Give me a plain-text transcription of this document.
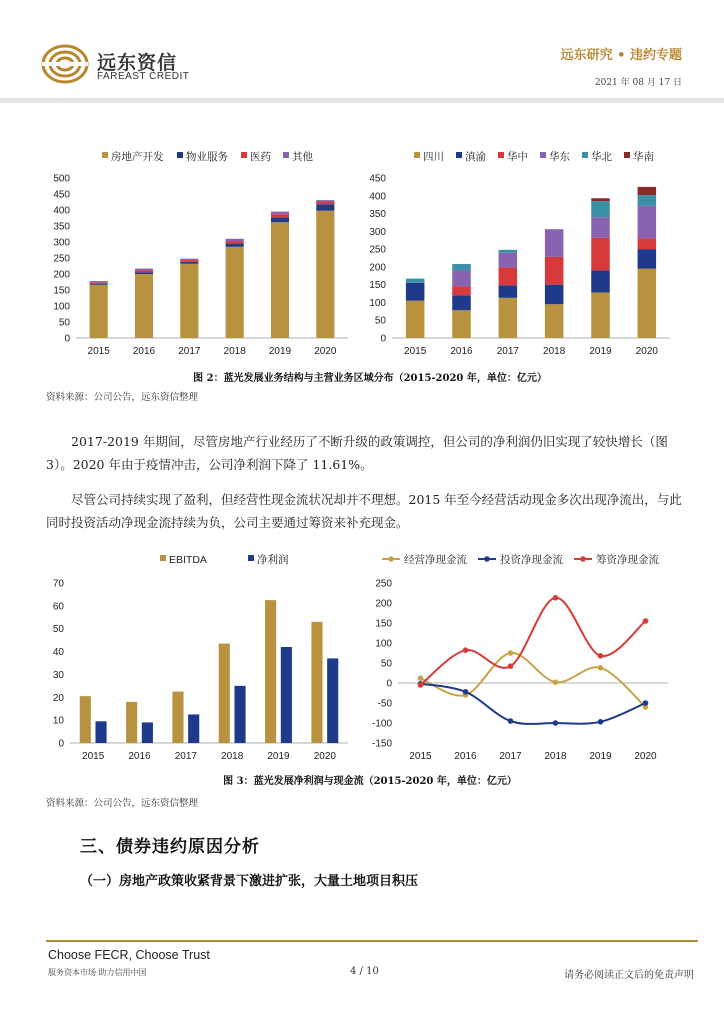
远东资信
FAREAST CREDIT
远东研究 • 违约专题
2021 年 08 月 17 日
房地产开发 物业服务 医药 其他
0
50
100
150
200
250
300
350
400
450
500
2015 2016 2017 2018 2019 2020
四川 滇渝 华中 华东 华北 华南
0
50
100
150
200
250
300
350
400
450
2015 2016 2017 2018 2019 2020
图 2：蓝光发展业务结构与主营业务区域分布（2015-2020 年，单位：亿元）
资料来源：公司公告，远东资信整理
2017-2019 年期间，尽管房地产行业经历了不断升级的政策调控，但公司的净利润仍旧实现了较快增长（图 3）。2020 年由于疫情冲击，公司净利润下降了 11.61%。
尽管公司持续实现了盈利，但经营性现金流状况却并不理想。2015 年至今经营活动现金多次出现净流出，与此同时投资活动净现金流持续为负，公司主要通过筹资来补充现金。
EBITDA	净利润
0
10
20
30
40
50
60
70
2015 2016 2017 2018 2019 2020
经营净现金流	投资净现金流	筹资净现金流
-150
-100
-50
0
50
100
150
200
250
2015 2016 2017 2018 2019 2020
图 3：蓝光发展净利润与现金流（2015-2020 年，单位：亿元）
资料来源：公司公告，远东资信整理
三、债券违约原因分析
（一）房地产政策收紧背景下激进扩张，大量土地项目积压
Choose FECR, Choose Trust
服务资本市场 助力信用中国	4 / 10	请务必阅读正文后的免责声明
